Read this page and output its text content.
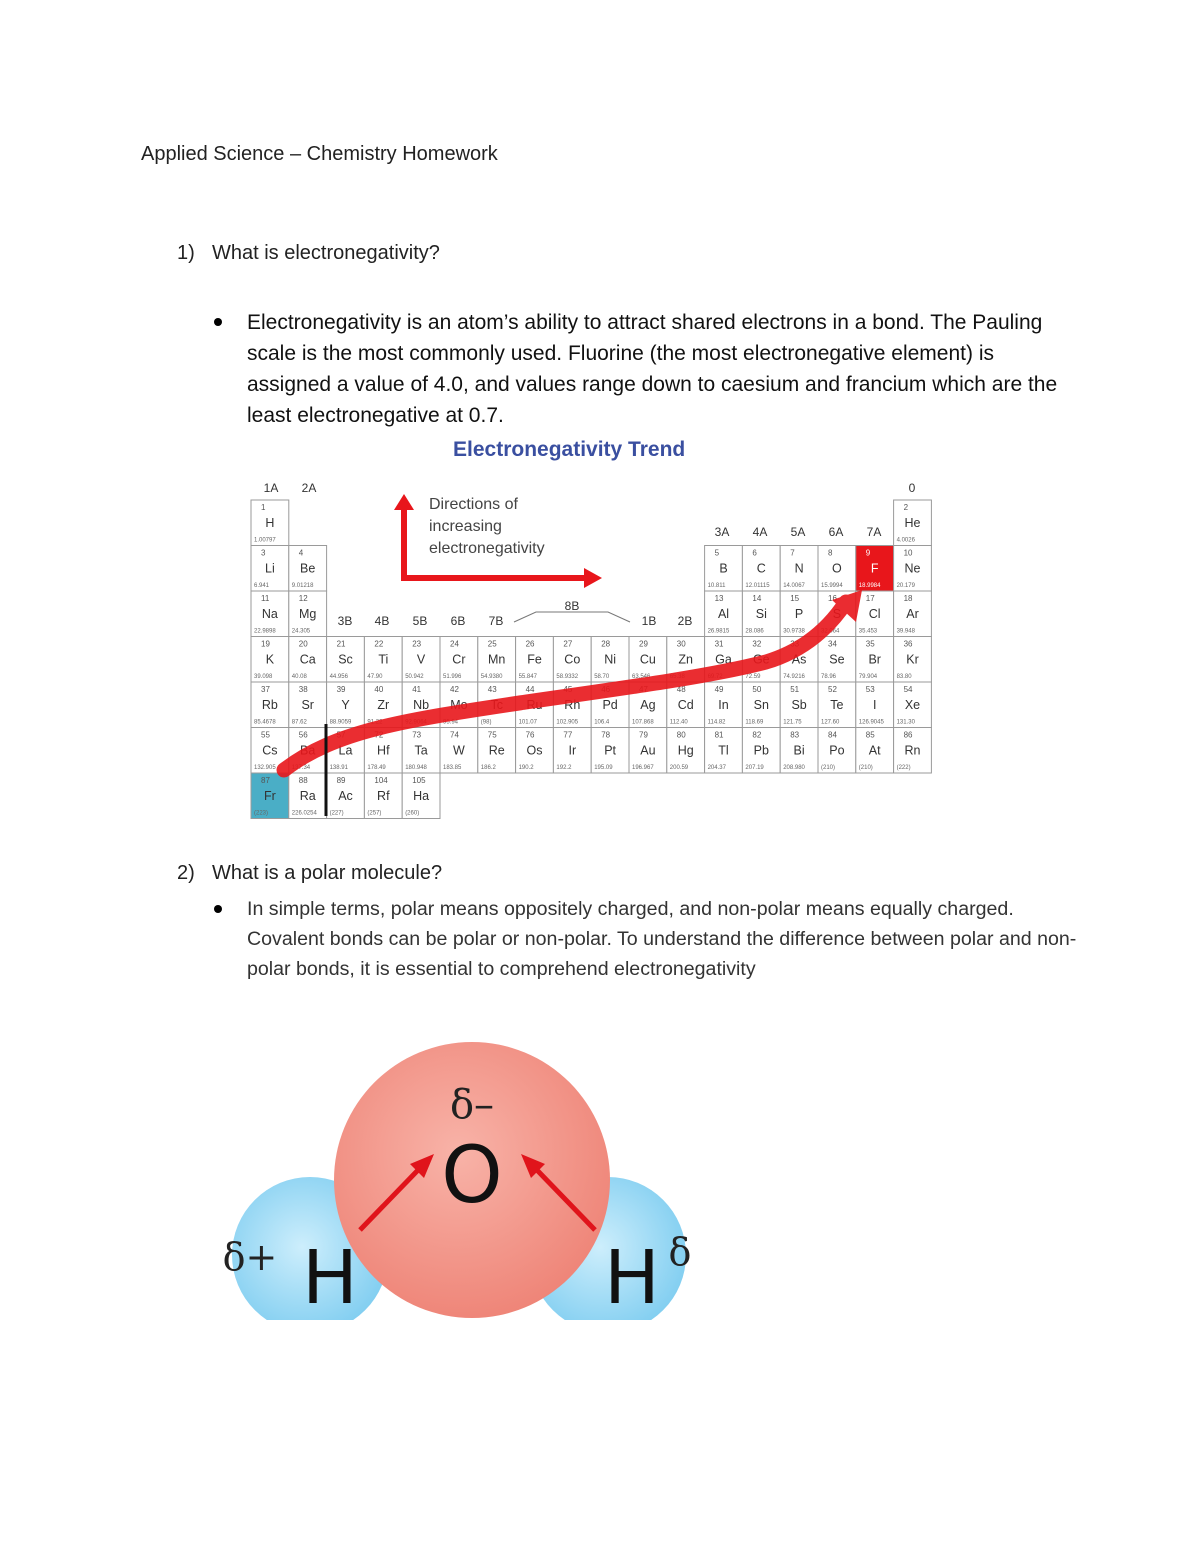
Applied Science – Chemistry Homework
1) What is electronegativity?
Electronegativity is an atom’s ability to attract shared electrons in a bond. The Pauling scale is the most commonly used. Fluorine (the most electronegative element) is assigned a value of 4.0, and values range down to caesium and francium which are the least electronegative at 0.7.
Electronegativity Trend
1A 2A
3B 4B 5B 6B 7B
8B
1B 2B
3A 4A 5A 6A 7A
0
1
H
1.00797
2
He
4.0026
3
Li
6.941
4
Be
9.01218
5
B
10.811
6
C
12.01115
7
N
14.0067
8
O
15.9994
9
F
18.9984
10
Ne
20.179
11
Na
22.9898
12
Mg
24.305
13
Al
26.9815
14
Si
28.086
15
P
30.9738
16
S
32.064
17
Cl
35.453
18
Ar
39.948
19
K
39.098
20
Ca
40.08
21
Sc
44.956
22
Ti
47.90
23
V
50.942
24
Cr
51.996
25
Mn
54.9380
26
Fe
55.847
27
Co
58.9332
28
Ni
58.70
29
Cu
63.546
30
Zn
65.38
31
Ga
69.72
32
Ge
72.59
33
As
74.9216
34
Se
78.96
35
Br
79.904
36
Kr
83.80
37
Rb
85.4678
38
Sr
87.62
39
Y
88.9059
40
Zr
91.22
41
Nb
92.9064
42
Mo
95.94
43
Tc
(98)
44
Ru
101.07
45
Rh
102.905
46
Pd
106.4
47
Ag
107.868
48
Cd
112.40
49
In
114.82
50
Sn
118.69
51
Sb
121.75
52
Te
127.60
53
I
126.9045
54
Xe
131.30
55
Cs
132.905
56
Ba
137.34
57
La
138.91
72
Hf
178.49
73
Ta
180.948
74
W
183.85
75
Re
186.2
76
Os
190.2
77
Ir
192.2
78
Pt
195.09
79
Au
196.967
80
Hg
200.59
81
Tl
204.37
82
Pb
207.19
83
Bi
208.980
84
Po
(210)
85
At
(210)
86
Rn
(222)
87
Fr
(223)
88
Ra
226.0254
89
Ac
(227)
104
Rf
(257)
105
Ha
(260)
Directions of
increasing
electronegativity
2) What is a polar molecule?
In simple terms, polar means oppositely charged, and non-polar means equally charged. Covalent bonds can be polar or non-polar. To understand the difference between polar and non-polar bonds, it is essential to comprehend electronegativity
δ–
O
H	H
δ+	δ
